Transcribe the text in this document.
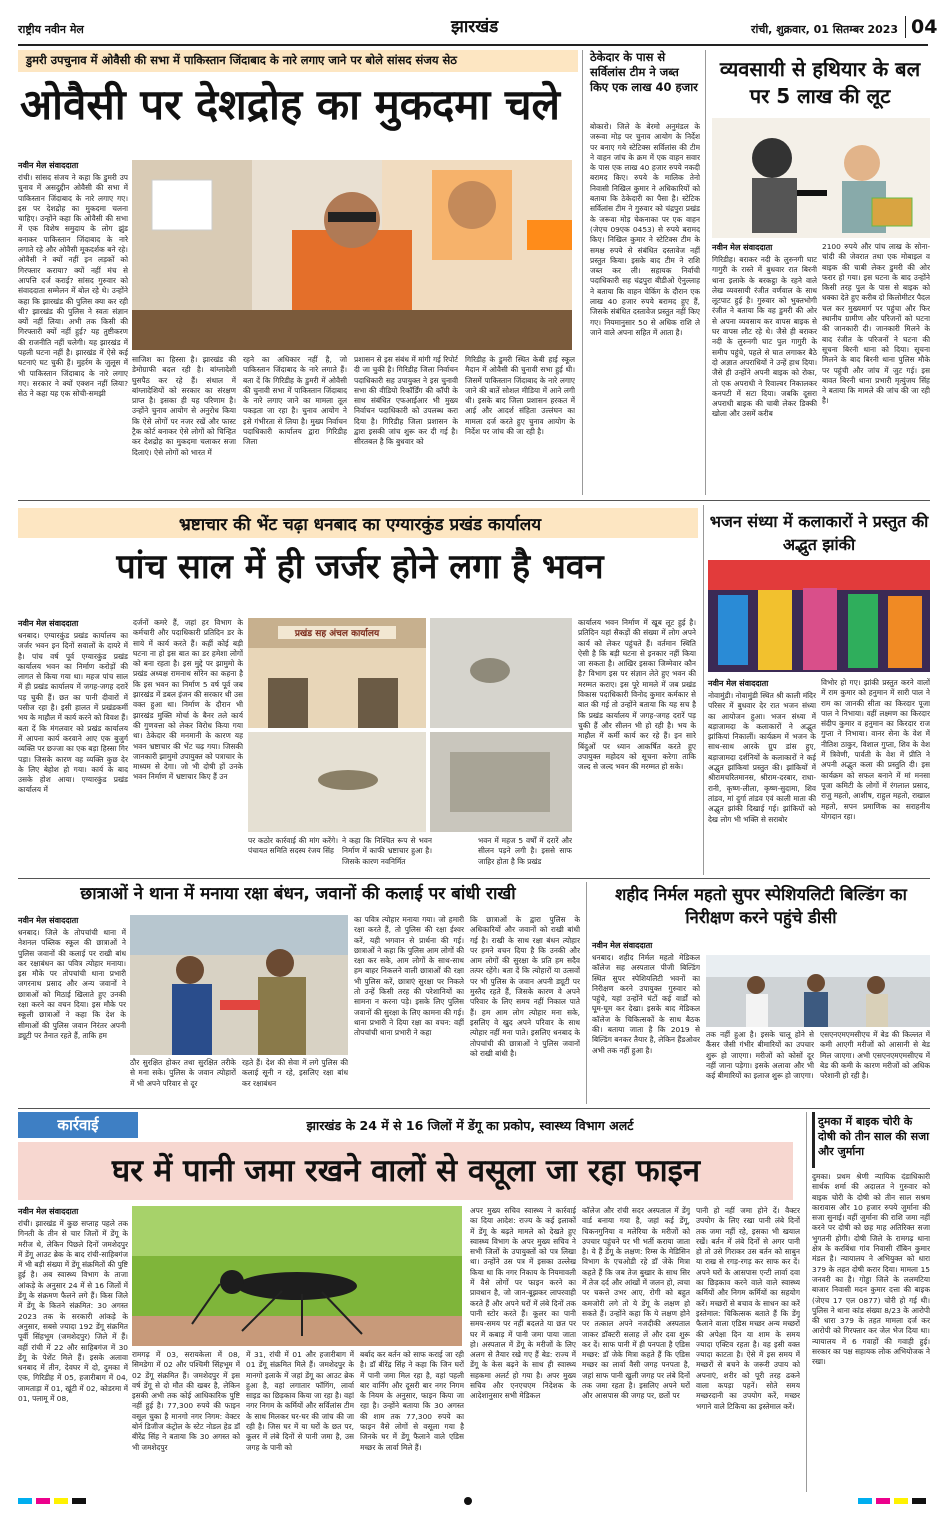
राष्ट्रीय नवीन मेल	झारखंड	रांची, शुक्रवार, 01 सितम्बर 2023 04
डुमरी उपचुनाव में ओवैसी की सभा में पाकिस्तान जिंदाबाद के नारे लगाए जाने पर बोले सांसद संजय सेठ
ओवैसी पर देशद्रोह का मुकदमा चले
नवीन मेल संवाददाता
रांची। सांसद संजय ने कहा कि डुमरी उप चुनाव में असदुद्दीन ओवैसी की सभा में पाकिस्तान जिंदाबाद के नारे लगाए गए। इस पर देशद्रोह का मुकदमा चलना चाहिए। उन्होंने कहा कि ओवैसी की सभा में एक विशेष समुदाय के लोग झुंड बनाकर पाकिस्तान जिंदाबाद के नारे लगाते रहे और ओवैसी मूकदर्शक बने रहे। ओवैसी ने क्यों नहीं इन लड़कों को गिरफ्तार कराया? क्यों नहीं मंच से आपत्ति दर्ज कराई? सांसद गुरुवार को संवाददाता सम्मेलन में बोल रहे थे। उन्होंने कहा कि झारखंड की पुलिस क्या कर रही थी? झारखंड की पुलिस ने स्वतः संज्ञान क्यों नहीं लिया। अभी तक किसी की गिरफ्तारी क्यों नहीं हुई? यह तुष्टीकरण की राजनीति नहीं चलेगी। यह झारखंड में पहली घटना नहीं है। झारखंड में ऐसे कई घटनाएं घट चुकी हैं। मुहर्रम के जुलूस में भी पाकिस्तान जिंदाबाद के नारे लगाए गए। सरकार ने क्यों एक्शन नहीं लिया? सेठ ने कहा यह एक सोची-समझी
साजिश का हिस्सा है। झारखंड की डेमोग्राफी बदल रही है। बांग्लादेशी घुसपैठ कर रहे हैं। संथाल में बांग्लादेशियों को सरकार का संरक्षण प्राप्त है। इसका ही यह परिणाम है। उन्होंने चुनाव आयोग से अनुरोध किया कि ऐसे लोगों पर नजर रखें और फास्ट ट्रैक कोर्ट बनाकर ऐसे लोगों को चिन्हित कर देशद्रोह का मुकदमा चलाकर सजा दिलाएं। ऐसे लोगों को भारत में
रहने का अधिकार नहीं है, जो पाकिस्तान जिंदाबाद के नारे लगाते हैं। बता दें कि गिरिडीह के डुमरी में ओवैसी की चुनावी सभा में पाकिस्तान जिंदाबाद के नारे लगाए जाने का मामला तूल पकड़ता जा रहा है। चुनाव आयोग ने इसे गंभीरता से लिया है। मुख्य निर्वाचन पदाधिकारी कार्यालय द्वारा गिरिडीह जिला
प्रशासन से इस संबंध में मांगी गई रिपोर्ट दी जा चुकी है। गिरिडीह जिला निर्वाचन पदाधिकारी सह उपायुक्त ने इस चुनावी सभा की वीडियो रिकॉर्डिंग की कॉपी के साथ संबंधित एफआईआर भी मुख्य निर्वाचन पदाधिकारी को उपलब्ध करा दिया है। गिरिडीह जिला प्रशासन के द्वारा इसकी जांच शुरू कर दी गई है। सीरतबल है कि बुधवार को
गिरिडीह के डुमरी स्थित केबी हाई स्कूल मैदान में ओवैसी की चुनावी सभा हुई थी। जिसमें पाकिस्तान जिंदाबाद के नारे लगाए जाने की बातें सोशल मीडिया में आने लगी थी। इसके बाद जिला प्रशासन हरकत में आई और आदर्श संहिता उल्लंघन का मामला दर्ज करते हुए चुनाव आयोग के निर्देश पर जांच की जा रही है।
ठेकेदार के पास से सर्विलांस टीम ने जब्त किए एक लाख 40 हजार
बोकारो। जिले के बेरमो अनुमंडल के जरूवा मोड़ पर चुनाव आयोग के निर्देश पर बनाए गये स्टेटिक्स सर्विलांस की टीम ने वाहन जांच के क्रम में एक वाहन सवार के पास एक लाख 40 हजार रुपये नकदी बरामद किए। रुपये के मालिक तेनो निवासी निखिल कुमार ने अधिकारियों को बताया कि ठेकेदारी का पैसा है। स्टेटिक सर्विलांस टीम ने गुरुवार को चंद्रपुरा प्रखंड के जरूवा मोड़ चेकनाका पर एक वाहन (जेएच 09एक 0453) से रुपये बरामद किए। निखिल कुमार ने स्टेटिक्स टीम के समक्ष रुपये से संबंधित दस्तावेज नहीं प्रस्तुत किया। इसके बाद टीम ने राशि जब्त कर ली। सहायक निर्वाची पदाधिकारी सह चंद्रपुरा बीडीओ ऐनुल्लाह ने बताया कि वाहन चेकिंग के दौरान एक लाख 40 हजार रुपये बरामद हुए हैं, जिसके संबंधित दस्तावेज प्रस्तुत नहीं किए गए। नियमानुसार 50 से अधिक राशि ले जाने वाले अपना सहित में आता है।
व्यवसायी से हथियार के बल पर 5 लाख की लूट
नवीन मेल संवाददाता
गिरिडीह। बराकर नदी के लुरुनगी घाट गागुरी के रास्ते में बुधवार रात बिरनी थाना इलाके के बरकट्ठा के रहने वाले लेख व्यवसायी रंजीत वर्णवाल के साथ लूटपाट हुई है। गुरुवार को भुक्तभोगी रंजीत ने बताया कि वह डुमरी की ओर से अपना व्यवसाय कर वापस बाइक से घर वापस लौट रहे थे। जैसे ही बराकर नदी के लुरुनगी घाट पुल गागुरी के समीप पहुंचे, पहले से घात लगाकर बैठे दो अज्ञात अपराधियों ने उन्हें हाथ दिया। जैसे ही उन्होंने अपनी बाइक को रोका, तो एक अपराधी ने रिवाल्वर निकालकर कनपटी में सटा दिया। जबकि दूसरा अपराधी बाइक की चाबी लेकर डिक्की खोला और उसमें करीब
2100 रुपये और पांच लाख के सोना-चांदी की जेवरात तथा एक मोबाइल व बाइक की चाबी लेकर डुमरी की ओर फरार हो गया। इस घटना के बाद उन्होंने किसी तरह पुल के पास से बाइक को धक्का देते हुए करीब दो किलोमीटर पैदल चल कर मुख्यमार्ग पर पहुंचा और फिर स्थानीय ग्रामीण और परिजनों को घटना की जानकारी दी। जानकारी मिलने के बाद रंजीत के परिजनों ने घटना की सूचना बिरनी थाना को दिया। सूचना मिलने के बाद बिरनी थाना पुलिस मौके पर पहुंची और जांच में जुट गई। इस बावत बिरनी थाना प्रभारी मृत्युंजय सिंह ने बताया कि मामले की जांच की जा रही है।
भ्रष्टाचार की भेंट चढ़ा धनबाद का एग्यारकुंड प्रखंड कार्यालय
पांच साल में ही जर्जर होने लगा है भवन
नवीन मेल संवाददाता
धनबाद। एग्यारकुंड प्रखंड कार्यालय का जर्जर भवन इन दिनों सवालों के दायरे में है। पांच वर्ष पूर्व एग्यारकुंड प्रखंड कार्यालय भवन का निर्माण करोड़ों की लागत से किया गया था। महज पांच साल में ही प्रखंड कार्यालय में जगह-जगह दरारें पड़ चुकी हैं। छत का पानी दीवारों में पसीज रहा है। इसी हालत में प्रखंडकर्मी भय के माहौल में कार्य करने को विवश हैं। बता दें कि मंगलवार को प्रखंड कार्यालय में आपना कार्य करवाने आए एक बुजुर्ग व्यक्ति पर छज्जा का एक बड़ा हिस्सा गिर पड़ा। जिसके कारण वह व्यक्ति कुछ देर के लिए बेहोश हो गया। कार्य के बाद उसके होश आया। एग्यारकुंड प्रखंड कार्यालय में
दर्जनों कमरे हैं, जहां हर विभाग के कर्मचारी और पदाधिकारी प्रतिदिन डर के साये में कार्य करते हैं। कहीं कोई बड़ी घटना ना हो इस बात का डर हमेशा लोगों को बना रहता है। इस मुद्दे पर झामुमो के प्रखंड अध्यक्ष रामनाथ सोरेन का कहना है कि इस भवन का निर्माण 5 वर्ष पूर्व जब झारखंड में डबल इंजन की सरकार थी उस वक्त हुआ था। निर्माण के दौरान भी झारखंड मुक्ति मोर्चा के बैनर तले कार्य की गुणवत्ता को लेकर विरोध किया गया था। ठेकेदार की मनमानी के कारण यह भवन भ्रष्टाचार की भेंट चढ़ गया। जिसकी जानकारी झामुमो उपायुक्त को पत्राचार के माध्यम से देगा। जो भी दोषी हों उनके भवन निर्माण में भ्रष्टाचार किए हैं उन
प्रखंड सह अंचल कार्यालय
पर कठोर कार्रवाई की मांग करेंगे। पंचायत समिति सदस्य रंजय सिंह
ने कहा कि निश्चित रूप से भवन निर्माण में काफी भ्रष्टाचार हुआ है। जिसके कारण नवनिर्मित
भवन में महज 5 वर्षों में दरारें और सीलन पड़ने लगी है। इससे साफ जाहिर होता है कि प्रखंड
कार्यालय भवन निर्माण में खूब लूट हुई है। प्रतिदिन यहां सैकड़ों की संख्या में लोग अपने कार्य को लेकर पहुंचते हैं। वर्तमान स्थिति ऐसी है कि बड़ी घटना से इनकार नहीं किया जा सकता है। आखिर इसका जिम्मेवार कौन है? विभाग इस पर संज्ञान लेते हुए भवन की मरम्मत कराए। इस पूरे मामले में जब प्रखंड विकास पदाधिकारी विनोद कुमार कर्मकार से बात की गई तो उन्होंने बताया कि यह सच है कि प्रखंड कार्यालय में जगह-जगह दरारें पड़ चुकी हैं और सीलन भी हो रही है। भय के माहौल में कर्मी कार्य कर रहे हैं। इन सारे बिंदुओं पर ध्यान आकर्षित करते हुए उपायुक्त महोदय को सूचना करेगा ताकि जल्द से जल्द भवन की मरम्मत हो सके।
भजन संध्या में कलाकारों ने प्रस्तुत की अद्भुत झांकी
नवीन मेल संवाददाता
नोवामुंडी। नोवामुंडी स्थित श्री काली मंदिर परिसर में बुधवार देर रात भजन संध्या का आयोजन हुआ। भजन संध्या में बड़ाजामदा के कलाकारों ने अद्भुत झांकियां निकालीं। कार्यक्रम में भजन के साथ-साथ आरके ग्रुप डांस हुए, बड़ाजामदा दर्शनियों के कलाकारों ने कई अद्भुत झांकियां प्रस्तुत की। झांकियों में श्रीरामचरितमानस, श्रीराम-दरबार, राधा-रानी, कृष्ण-लीला, कृष्ण-सुदामा, शिव तांडव, मां दुर्गा तांडव एवं काली माता की अद्भुत झांकी दिखाई गई। झांकियों को देख लोग भी भक्ति से सराबोर
विभोर हो गए। झांकी प्रस्तुत करने वालों में राम कुमार को हनुमान में सारी पाल ने राम का जानकी सीता का किरदार पूजा पाल ने निभाया। वहीं लक्ष्मण का किरदार संदीप कुमार व हनुमान का किरदार राज गुप्ता ने निभाया। वानर सेना के वेश में नीतिश ठाकुर, विशाल गुप्ता, शिव के वेश में त्रिवेणी, पार्वती के वेश में प्रीति ने अपनी अद्भुत कला की प्रस्तुति दी। इस कार्यक्रम को सफल बनाने में मां मनसा पूजा कमिटी के लोगों में रंगलाल प्रसाद, राजु महतो, आशीष, राहुल महतो, राखाल महतो, सपन प्रमाणिक का सराहनीय योगदान रहा।
छात्राओं ने थाना में मनाया रक्षा बंधन, जवानों की कलाई पर बांधी राखी
नवीन मेल संवाददाता
धनबाद। जिले के तोपचांची थाना में नेशनल पब्लिक स्कूल की छात्राओं ने पुलिस जवानों की कलाई पर राखी बांध कर रक्षाबंधन का पवित्र त्योहार मनाया। इस मौके पर तोपचांची थाना प्रभारी जगरनाथ प्रसाद और अन्य जवानों ने छात्राओं को मिठाई खिलाते हुए उनकी रक्षा करने का वचन दिया। इस मौके पर स्कूली छात्राओं ने कहा कि देश के सीमाओं की पुलिस जवान निरंतर अपनी ड्यूटी पर तैनात रहते हैं, ताकि हम
ठौर सुरक्षित होकर तथा सुरक्षित तरीके से मना सके। पुलिस के जवान त्योहारों में भी अपने परिवार से दूर
रहते हैं। देश की सेवा में लगे पुलिस की कलाई सूनी न रहे, इसलिए रक्षा बांध कर रक्षाबंधन
का पवित्र त्योहार मनाया गया। जो हमारी रक्षा करते हैं, तो पुलिस की रक्षा ईश्वर करें, यही भगवान से प्रार्थना की गई। छात्राओं ने कहा कि पुलिस आम लोगों की रक्षा कर सके, आम लोगों के साथ-साथ हम बाहर निकलने वाली छात्राओं की रक्षा भी पुलिस करें, छात्राएं सुरक्षा पर निकले तो उन्हें किसी तरह की परेशानियों का सामना न करना पड़े। इसके लिए पुलिस जवानों की सुरक्षा के लिए कामना की गई। थाना प्रभारी ने दिया रक्षा का वचन: वहीं तोपचांची थाना प्रभारी ने कहा
कि छात्राओं के द्वारा पुलिस के अधिकारियों और जवानों को राखी बांधी गई है। राखी के साथ रक्षा बंधन त्योहार पर हमने वचन दिया है कि उनकी और आम लोगों की सुरक्षा के प्रति हम सदैव तत्पर रहेंगे। बता दें कि त्योहारों या उत्सवों पर भी पुलिस के जवान अपनी ड्यूटी पर मुस्तैद रहते हैं, जिसके कारण वे अपने परिवार के लिए समय नहीं निकाल पाते हैं। हम आम लोग त्योहार मना सके, इसलिए वे खुद अपने परिवार के साथ त्योहार नहीं मना पाते। इसलिए धनबाद के तोपचांची की छात्राओं ने पुलिस जवानों को राखी बांधी है।
शहीद निर्मल महतो सुपर स्पेशियलिटी बिल्डिंग का निरीक्षण करने पहुंचे डीसी
नवीन मेल संवाददाता
धनबाद। शहीद निर्मल महतो मेडिकल कॉलेज सह अस्पताल पीजी बिल्डिंग स्थित सुपर स्पेशियलिटी भवनों का निरीक्षण करने उपायुक्त गुरुवार को पहुंचे, यहां उन्होंने घंटों कई वार्डों को घूम-घूम कर देखा। इसके बाद मेडिकल कॉलेज के चिकित्सकों के साथ बैठक की। बताया जाता है कि 2019 से बिल्डिंग बनकर तैयार है, लेकिन हैंडओवर अभी तक नहीं हुआ है।
तक नहीं हुआ है। इसके चालू होने से कैंसर जैसी गंभीर बीमारियों का उपचार शुरू हो जाएगा। मरीजों को कोसों दूर नहीं जाना पड़ेगा। इसके अलावा और भी कई बीमारियों का इलाज शुरू हो जाएगा।
एसएनएमएमसीएच में बेड की किल्लत में कमी आएगी मरीजों को आसानी से बेड मिल जाएगा। अभी एसएनएमएमसीएच में बेड की कमी के कारण मरीजों को अधिक परेशानी हो रही है।
कार्रवाई	झारखंड के 24 में से 16 जिलों में डेंगू का प्रकोप, स्वास्थ्य विभाग अलर्ट
घर में पानी जमा रखने वालों से वसूला जा रहा फाइन
नवीन मेल संवाददाता
रांची। झारखंड में कुछ सप्ताह पहले तक गिनती के तीन से चार जिलों में डेंगू के मरीज थे, लेकिन पिछले दिनों जमशेदपुर में डेंगू आउट ब्रेक के बाद रांची-साहिबगंज में भी बड़ी संख्या में डेंगू संक्रमितों की पुष्टि हुई है। अब स्वास्थ्य विभाग के ताजा आंकड़े के अनुसार 24 में से 16 जिलों में डेंगू के संक्रमण फैलने लगे हैं। किस जिले में डेंगू के कितने संक्रमित: 30 अगस्त 2023 तक के सरकारी आंकड़े के अनुसार, सबसे ज्यादा 192 डेंगू संक्रमित पूर्वी सिंहभूम (जमशेदपुर) जिले में हैं। वहीं रांची में 22 और साहिबगंज में 30 डेंगू के पेशेंट मिले हैं। इसके अलावा धनबाद में तीन, देवघर में दो, दुमका में एक, गिरिडीह में 05, हजारीबाग में 04, जामताड़ा में 01, खूंटी में 02, कोडरमा में 01, पलामू में 08,
रामगढ़ में 03, सरायकेला में 08, सिमडेगा में 02 और पश्चिमी सिंहभूम में 02 डेंगू संक्रमित हैं। जमशेदपुर में इस वर्ष डेंगू से दो मौत की खबर है, लेकिन इसकी अभी तक कोई आधिकारिक पुष्टि नहीं हुई है। 77,300 रुपये की फाइन वसूल चुका है मानगो नगर निगम: वेक्टर बोर्न डिजीज कंट्रोल के स्टेट नोडल हेड डॉ बीरेंद्र सिंह ने बताया कि 30 अगस्त को भी जमशेदपुर
में 31, रांची में 01 और हजारीबाग में 01 डेंगू संक्रमित मिले हैं। जमशेदपुर के मानगो इलाके में जहां डेंगू का आउट ब्रेक हुआ है, वहां लगातार फॉगिंग, लार्वा साइड का छिड़काव किया जा रहा है। वहां नगर निगम के कर्मियों और सर्विलांस टीम के साथ मिलकर घर-घर की जांच की जा रही है। जिस घर में या घरों के छत पर, कूलर में लंबे दिनों से पानी जमा है, उस जगह के पानी को
बर्बाद कर बर्तन को साफ कराई जा रही है। डॉ बीरेंद्र सिंह ने कहा कि जिन घरों में पानी जमा मिल रहा है, वहां पहली बार वार्निंग और दूसरी बार नगर निगम के नियम के अनुसार, फाइन किया जा रहा है। उन्होंने बताया कि 30 अगस्त की शाम तक 77,300 रुपये का फाइन वैसे लोगों से वसूला गया है जिनके घर में डेंगू फैलाने वाले एडिस मच्छर के लार्वा मिले हैं।
अपर मुख्य सचिव स्वास्थ्य ने कार्रवाई का दिया आदेश: राज्य के कई इलाकों में डेंगू के बढ़ते मामले को देखते हुए स्वास्थ्य विभाग के अपर मुख्य सचिव ने सभी जिलों के उपायुक्तों को पत्र लिखा था। उन्होंने उस पत्र में इसका उल्लेख किया था कि नगर निकाय के नियमावली में वैसे लोगों पर फाइन करने का प्रावधान है, जो जान-बूझकर लापरवाही करते हैं और अपने घरों में लंबे दिनों तक पानी स्टोर करते हैं। कूलर का पानी समय-समय पर नहीं बदलते या छत पर घर में कबाड़ में पानी जमा पाया जाता हो। अस्पताल में डेंगू के मरीजों के लिए अलग से तैयार रखे गए हैं बेड: राज्य में डेंगू के केस बढ़ने के साथ ही स्वास्थ्य सहकमा अलर्ट हो गया है। अपर मुख्य सचिव और एनएचएम निदेशक के आदेशानुसार सभी मेडिकल
कॉलेज और रांची सदर अस्पताल में डेंगू वार्ड बनाया गया है, जहां कई डेंगू, चिकनगुनिया व मलेरिया के मरीजों को उपचार पहुंचने पर भी भर्ती कराया जाता है। ये हैं डेंगू के लक्षण: रिम्स के मेडिसिन विभाग के एचओडी रहे डॉ जेके मित्रा कहते हैं कि जब तेज बुखार के साथ सिर में तेज दर्द और आंखों में जलन हो, त्वचा पर चकत्ते उभर आए, रोगी को बहुत कमजोरी लगे तो ये डेंगू के लक्षण हो सकते हैं। उन्होंने कहा कि ये लक्षण होने पर तत्काल अपने नजदीकी अस्पताल जाकर डॉक्टरी सलाह लें और दवा शुरू कर दें। साफ पानी में ही पनपता है एडिस मच्छर: डॉ जेके मित्रा कहते हैं कि एडिस मच्छर का लार्वा वैसी जगह पनपता है, जहां साफ पानी खुली जगह पर लंबे दिनों तक जमा रहता है। इसलिए अपने घरों और आसपास की जगह पर, छतों पर
पानी हो नहीं जमा होने दें। वैक्टर उपयोग के लिए रखा पानी लंबे दिनों तक जमा नहीं रहे, इसका भी खयाल रखें। बर्तन में लंबे दिनों से अगर पानी हो तो उसे गिराकर उस बर्तन को साबुन या राख से रगड़-रगड़ कर साफ कर दें। अपने घरों के आसपास एन्टी लार्वा दवा का छिड़काव करने वाले वाले स्वास्थ्य कर्मियों और निगम कर्मियों का सहयोग करें। मच्छरों से बचाव के साधन का करें इस्तेमाल: चिकित्सक बताते हैं कि डेंगू फैलाने वाला एडिस मच्छर अन्य मच्छरों की अपेक्षा दिन या शाम के समय ज्यादा एक्टिव रहता है। वह इसी वक्त ज्यादा काटता है। ऐसे में इस समय में मच्छरों से बचने के जरूरी उपाय को अपनाएं, शरीर को पूरी तरह ढकने वाला कपड़ा पहनें। सोते समय मच्छरदानी का उपयोग करें, मच्छर भगाने वाले टिकिया का इस्तेमाल करें।
दुमका में बाइक चोरी के दोषी को तीन साल की सजा और जुर्माना
दुमका। प्रथम श्रेणी न्यायिक दंडाधिकारी सार्थक शर्मा की अदालत ने गुरुवार को बाइक चोरी के दोषी को तीन साल सश्रम कारावास और 10 हजार रुपये जुर्माना की सजा सुनाई। वहीं जुर्माना की राशि जमा नहीं करने पर दोषी को छह माह अतिरिक्त सजा भुगतनी होगी। दोषी जिले के रामगढ़ थाना क्षेत्र के करबिंधा गांव निवासी रॉबिन कुमार मंडल है। न्यायालय ने अभियुक्त को धारा 379 के तहत दोषी करार दिया। मामला 15 जनवरी का है। गोड्डा जिले के ललमटिया बाजार निवासी मदन कुमार दत्ता की बाइक (जेएच 17 एल 0877) चोरी हो गई थी। पुलिस ने थाना कांड संख्या 8/23 के आरोपी की धारा 379 के तहत मामला दर्ज कर आरोपी को गिरफ्तार कर जेल भेज दिया था। न्यायालय में 6 गवाहों की गवाही हुई। सरकार का पक्ष सहायक लोक अभियोजक ने रखा।
